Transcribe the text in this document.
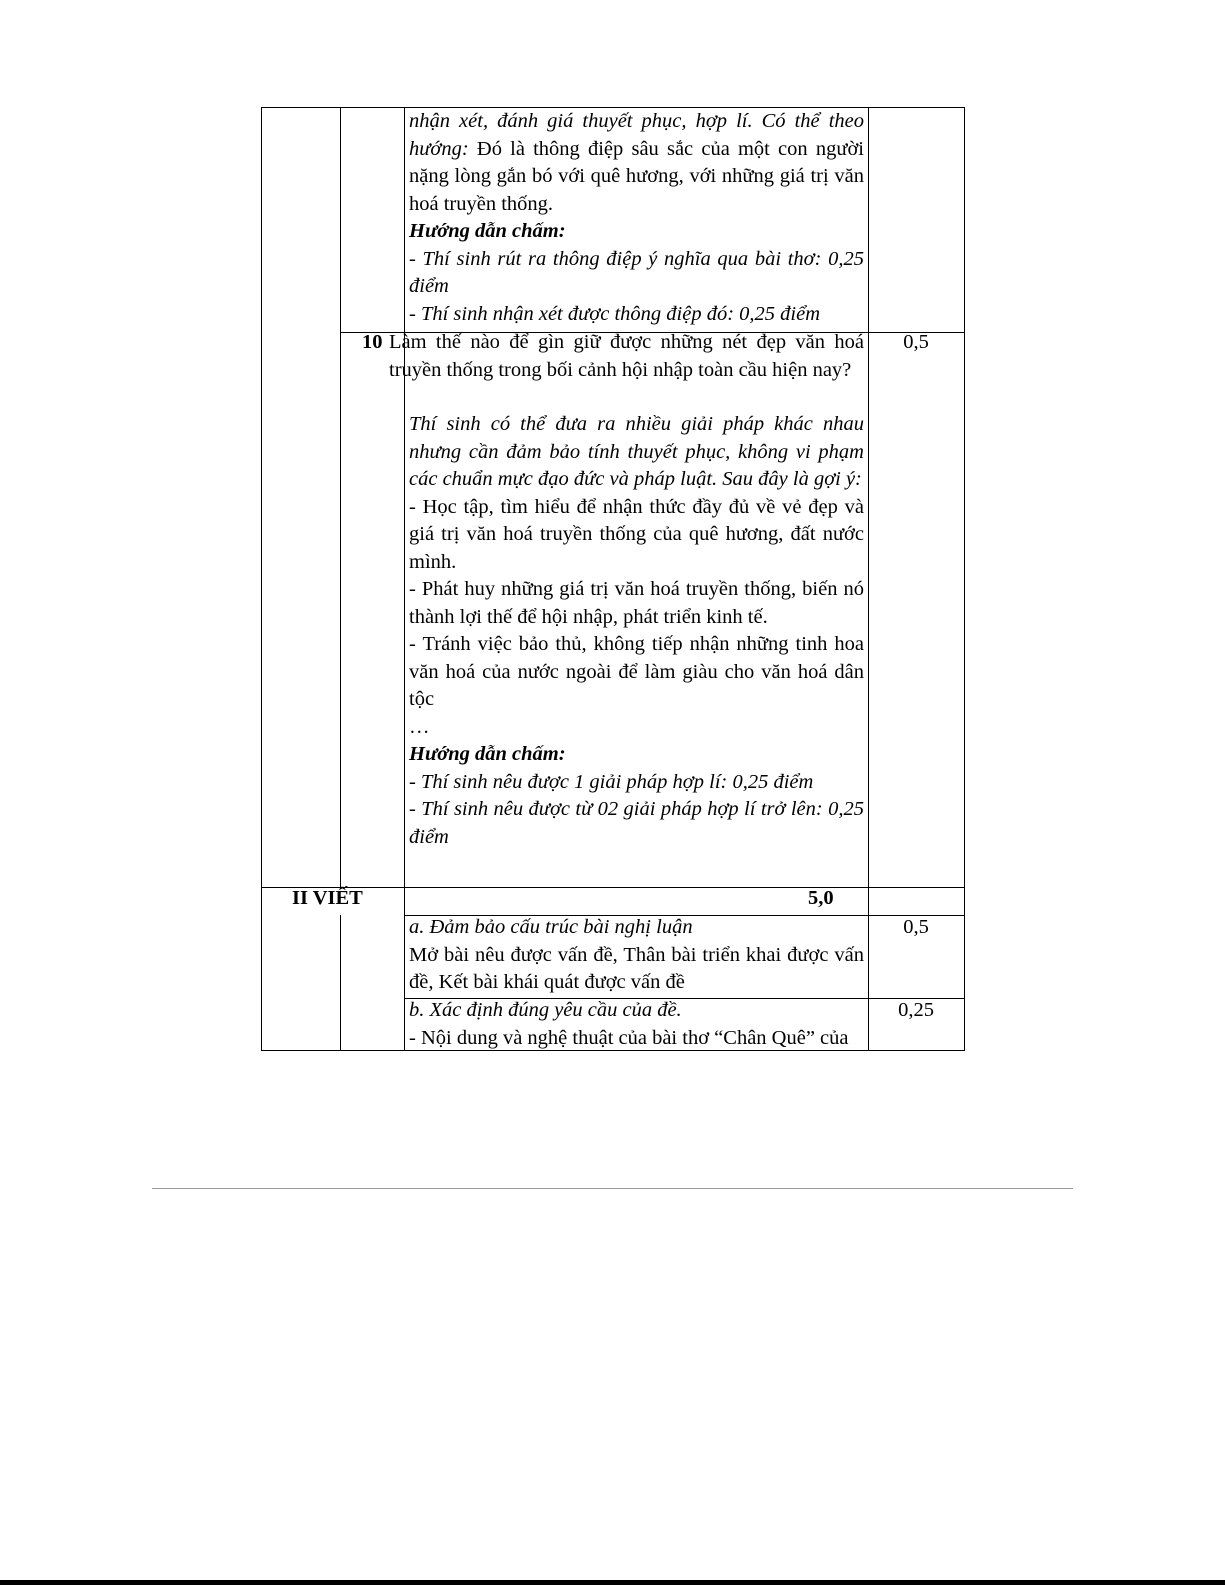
nhận xét, đánh giá thuyết phục, hợp lí. Có thể theo hướng: Đó là thông điệp sâu sắc của một con người nặng lòng gắn bó với quê hương, với những giá trị văn hoá truyền thống.

Hướng dẫn chấm:

- Thí sinh rút ra thông điệp ý nghĩa qua bài thơ: 0,25 điểm

- Thí sinh nhận xét được thông điệp đó: 0,25 điểm

10 Làm thế nào để gìn giữ được những nét đẹp văn hoá truyền thống trong bối cảnh hội nhập toàn cầu hiện nay?

Thí sinh có thể đưa ra nhiều giải pháp khác nhau nhưng cần đảm bảo tính thuyết phục, không vi phạm các chuẩn mực đạo đức và pháp luật. Sau đây là gợi ý:

- Học tập, tìm hiểu để nhận thức đầy đủ về vẻ đẹp và giá trị văn hoá truyền thống của quê hương, đất nước mình.

- Phát huy những giá trị văn hoá truyền thống, biến nó thành lợi thế để hội nhập, phát triển kinh tế.

- Tránh việc bảo thủ, không tiếp nhận những tinh hoa văn hoá của nước ngoài để làm giàu cho văn hoá dân tộc

…

Hướng dẫn chấm:

- Thí sinh nêu được 1 giải pháp hợp lí: 0,25 điểm

- Thí sinh nêu được từ 02 giải pháp hợp lí trở lên: 0,25 điểm

0,5
II VIẾT	5,0

a. Đảm bảo cấu trúc bài nghị luận

Mở bài nêu được vấn đề, Thân bài triển khai được vấn đề, Kết bài khái quát được vấn đề

0,5

b. Xác định đúng yêu cầu của đề.

- Nội dung và nghệ thuật của bài thơ “Chân Quê” của

0,25
